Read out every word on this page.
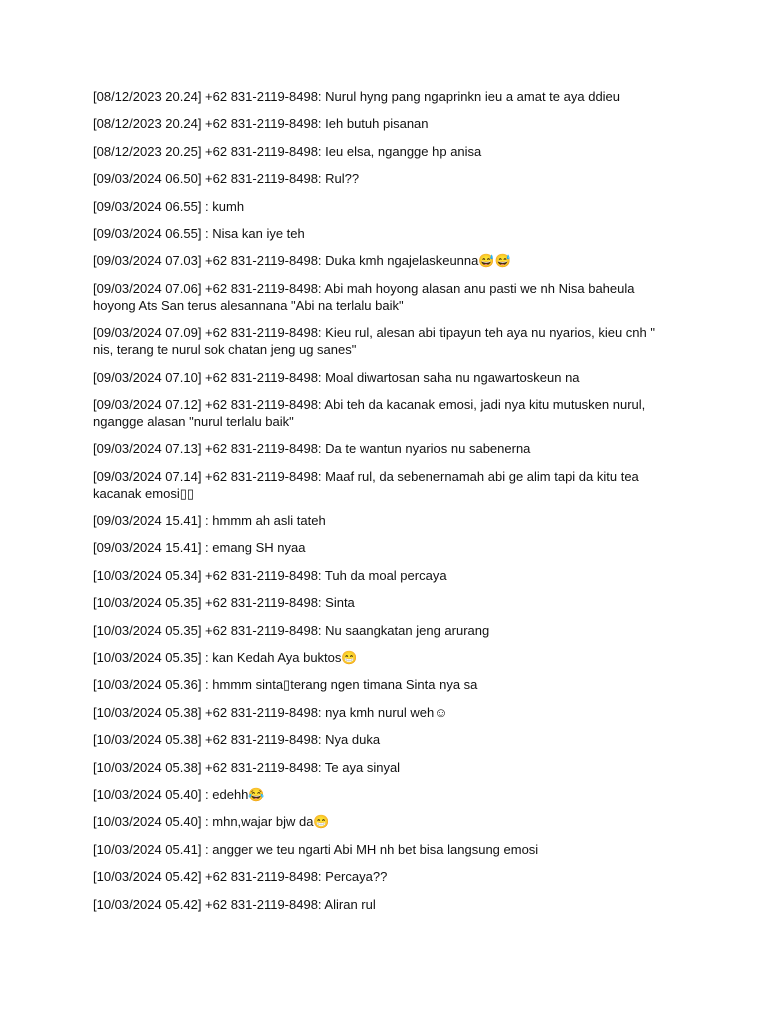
[08/12/2023 20.24] +62 831-2119-8498: Nurul hyng pang ngaprinkn ieu a amat te aya ddieu
[08/12/2023 20.24] +62 831-2119-8498: Ieh butuh pisanan
[08/12/2023 20.25] +62 831-2119-8498: Ieu elsa, ngangge hp anisa
[09/03/2024 06.50] +62 831-2119-8498: Rul??
[09/03/2024 06.55] : kumh
[09/03/2024 06.55] : Nisa kan iye teh
[09/03/2024 07.03] +62 831-2119-8498: Duka kmh ngajelaskeunna😅😅
[09/03/2024 07.06] +62 831-2119-8498: Abi mah hoyong alasan anu pasti we nh Nisa baheula hoyong Ats San terus alesannana "Abi na terlalu baik"
[09/03/2024 07.09] +62 831-2119-8498: Kieu rul, alesan abi tipayun teh aya nu nyarios, kieu cnh " nis, terang te nurul sok chatan jeng ug sanes"
[09/03/2024 07.10] +62 831-2119-8498: Moal diwartosan saha nu ngawartoskeun na
[09/03/2024 07.12] +62 831-2119-8498: Abi teh da kacanak emosi, jadi nya kitu mutusken nurul, ngangge alasan "nurul terlalu baik"
[09/03/2024 07.13] +62 831-2119-8498: Da te wantun nyarios nu sabenerna
[09/03/2024 07.14] +62 831-2119-8498: Maaf rul, da sebenernamah abi ge alim tapi da kitu tea kacanak emosi▯▯
[09/03/2024 15.41] : hmmm ah asli tateh
[09/03/2024 15.41] : emang SH nyaa
[10/03/2024 05.34] +62 831-2119-8498: Tuh da moal percaya
[10/03/2024 05.35] +62 831-2119-8498: Sinta
[10/03/2024 05.35] +62 831-2119-8498: Nu saangkatan jeng arurang
[10/03/2024 05.35] : kan Kedah Aya buktos😁
[10/03/2024 05.36] : hmmm sinta▯terang ngen timana Sinta nya sa
[10/03/2024 05.38] +62 831-2119-8498: nya kmh nurul weh☺
[10/03/2024 05.38] +62 831-2119-8498: Nya duka
[10/03/2024 05.38] +62 831-2119-8498: Te aya sinyal
[10/03/2024 05.40] : edehh😂
[10/03/2024 05.40] : mhn,wajar bjw da😁
[10/03/2024 05.41] : angger we teu ngarti Abi MH nh bet bisa langsung emosi
[10/03/2024 05.42] +62 831-2119-8498: Percaya??
[10/03/2024 05.42] +62 831-2119-8498: Aliran rul
